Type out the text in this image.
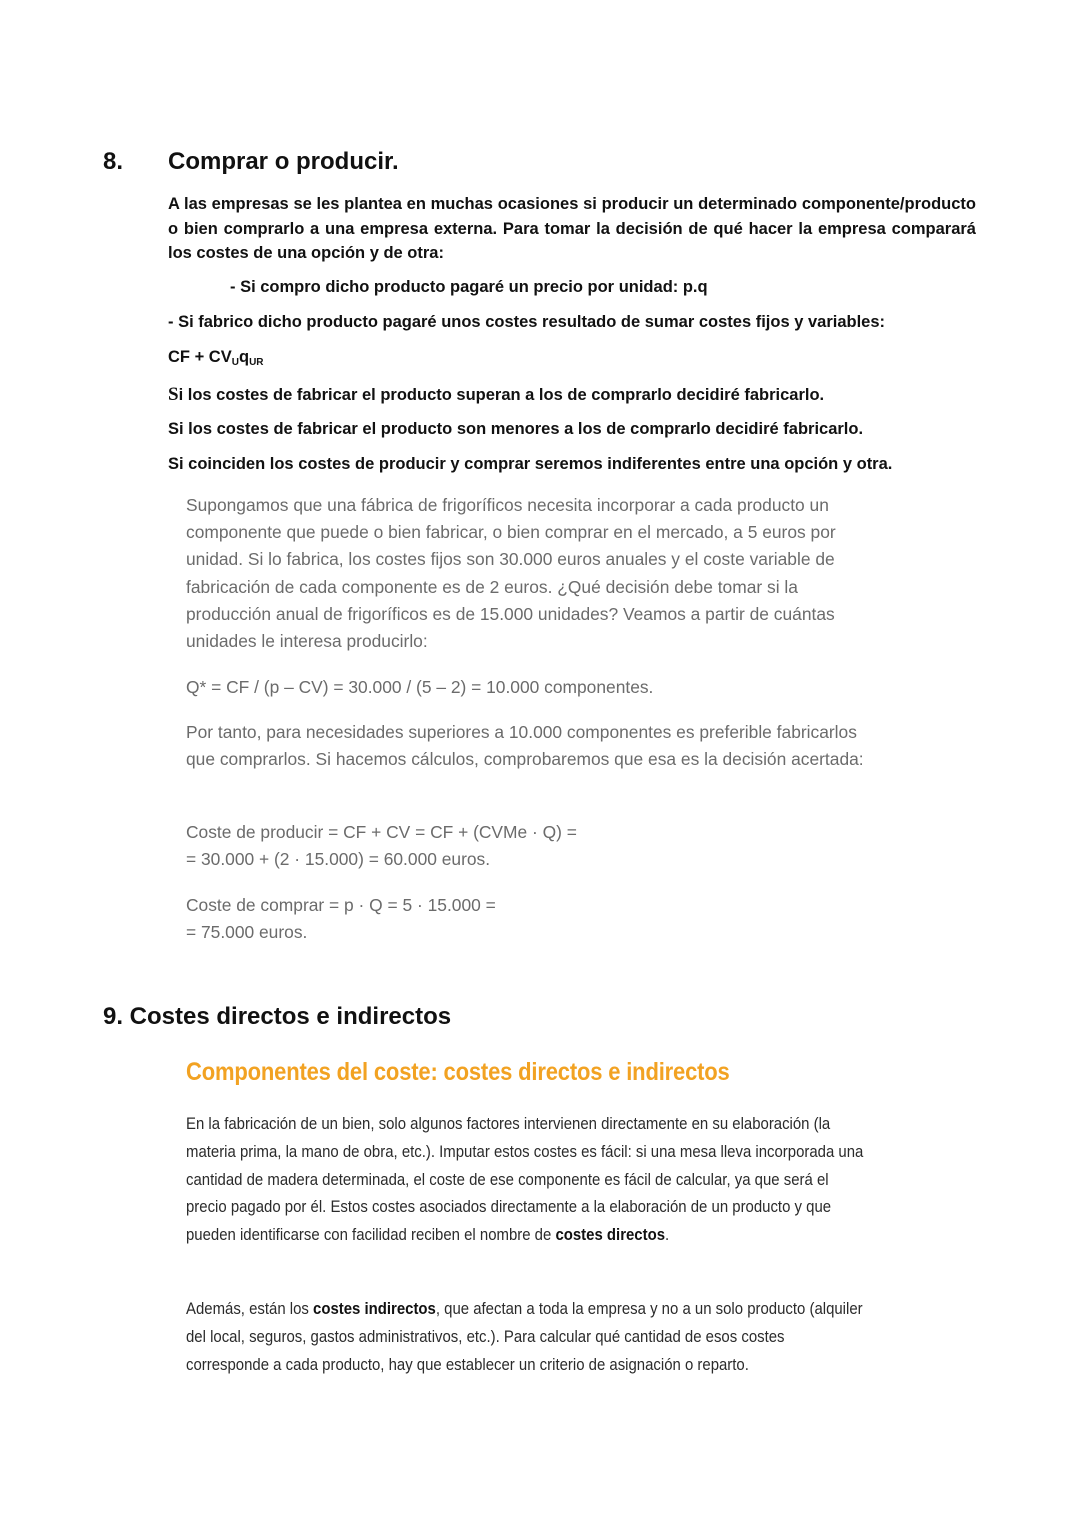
8. Comprar o producir.
A las empresas se les plantea en muchas ocasiones si producir un determinado componente/producto o bien comprarlo a una empresa externa. Para tomar la decisión de qué hacer la empresa comparará los costes de una opción y de otra:
- Si compro dicho producto pagaré un precio por unidad: p.q
- Si fabrico dicho producto pagaré unos costes resultado de sumar costes fijos y variables:
CF + $CV_Uq_{UR}$
Si los costes de fabricar el producto superan a los de comprarlo decidiré fabricarlo.
Si los costes de fabricar el producto son menores a los de comprarlo decidiré fabricarlo.
Si coinciden los costes de producir y comprar seremos indiferentes entre una opción y otra.

Supongamos que una fábrica de frigoríficos necesita incorporar a cada producto un componente que puede o bien fabricar, o bien comprar en el mercado, a 5 euros por unidad. Si lo fabrica, los costes fijos son 30.000 euros anuales y el coste variable de fabricación de cada componente es de 2 euros. ¿Qué decisión debe tomar si la producción anual de frigoríficos es de 15.000 unidades? Veamos a partir de cuántas unidades le interesa producirlo:

Q* = CF / (p – CV) = 30.000 / (5 – 2) = 10.000 componentes.

Por tanto, para necesidades superiores a 10.000 componentes es preferible fabricarlos que comprarlos. Si hacemos cálculos, comprobaremos que esa es la decisión acertada:

Coste de producir = CF + CV = CF + (CVMe · Q) =

= 30.000 + (2 · 15.000) = 60.000 euros.

Coste de comprar = p · Q = 5 · 15.000 =

= 75.000 euros.

9. Costes directos e indirectos
Componentes del coste: costes directos e indirectos

En la fabricación de un bien, solo algunos factores intervienen directamente en su elaboración (la materia prima, la mano de obra, etc.). Imputar estos costes es fácil: si una mesa lleva incorporada una cantidad de madera determinada, el coste de ese componente es fácil de calcular, ya que será el precio pagado por él. Estos costes asociados directamente a la elaboración de un producto y que pueden identificarse con facilidad reciben el nombre de costes directos.

Además, están los costes indirectos, que afectan a toda la empresa y no a un solo producto (alquiler del local, seguros, gastos administrativos, etc.). Para calcular qué cantidad de esos costes corresponde a cada producto, hay que establecer un criterio de asignación o reparto.
